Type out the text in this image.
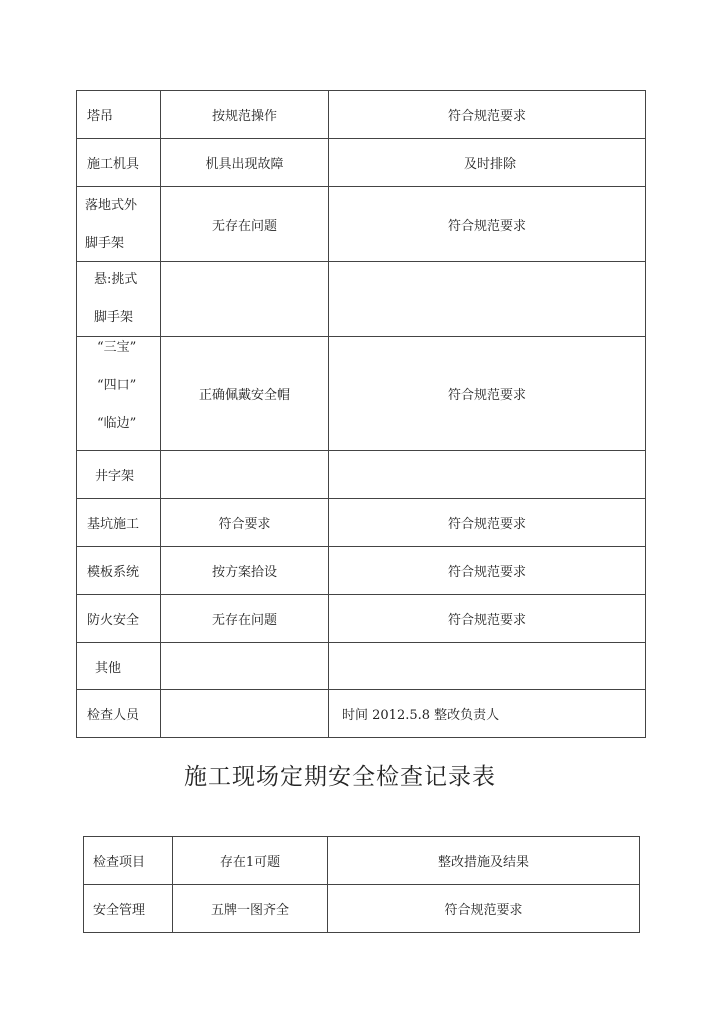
塔吊	按规范操作	符合规范要求

施工机具	机具出现故障	及时排除

落地式外
脚手架	无存在问题	符合规范要求

悬:挑式
脚手架		

“三宝”
“四口”
“临边”	正确佩戴安全帽	符合规范要求

井字架		

基坑施工	符合要求	符合规范要求

模板系统	按方案拾设	符合规范要求

防火安全	无存在问题	符合规范要求

其他		

检查人员		时间 2012.5.8 整改负责人
施工现场定期安全检查记录表
检查项目	存在1可题	整改措施及结果
安全管理	五牌一图齐全	符合规范要求
